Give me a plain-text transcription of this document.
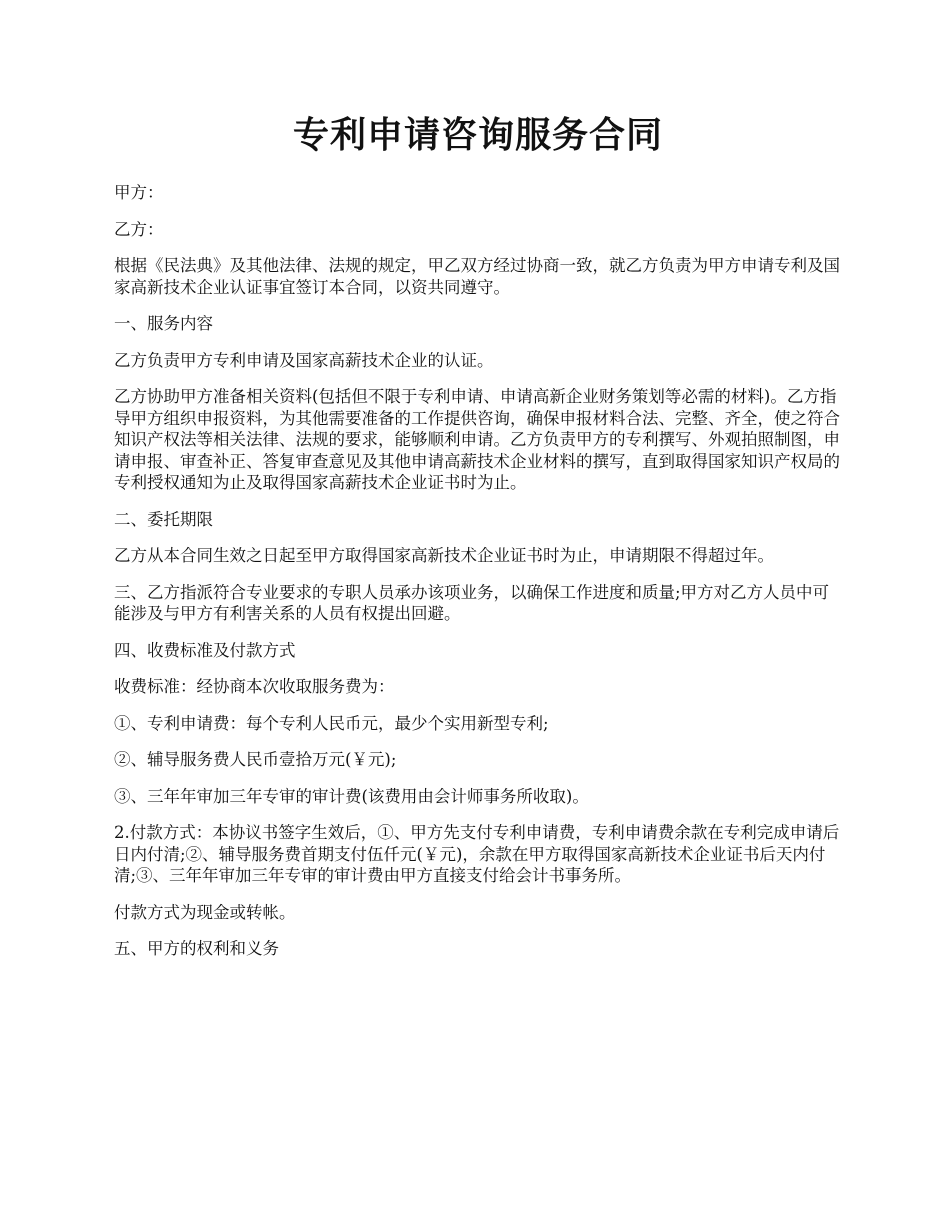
专利申请咨询服务合同

甲方：

乙方：

根据《民法典》及其他法律、法规的规定，甲乙双方经过协商一致，就乙方负责为甲方申请专利及国家高新技术企业认证事宜签订本合同，以资共同遵守。

一、服务内容

乙方负责甲方专利申请及国家高薪技术企业的认证。

乙方协助甲方准备相关资料(包括但不限于专利申请、申请高新企业财务策划等必需的材料)。乙方指导甲方组织申报资料，为其他需要准备的工作提供咨询，确保申报材料合法、完整、齐全，使之符合知识产权法等相关法律、法规的要求，能够顺利申请。乙方负责甲方的专利撰写、外观拍照制图，申请申报、审查补正、答复审查意见及其他申请高薪技术企业材料的撰写，直到取得国家知识产权局的专利授权通知为止及取得国家高薪技术企业证书时为止。

二、委托期限

乙方从本合同生效之日起至甲方取得国家高新技术企业证书时为止，申请期限不得超过年。

三、乙方指派符合专业要求的专职人员承办该项业务，以确保工作进度和质量;甲方对乙方人员中可能涉及与甲方有利害关系的人员有权提出回避。

四、收费标准及付款方式

收费标准：经协商本次收取服务费为：

①、专利申请费：每个专利人民币元，最少个实用新型专利;

②、辅导服务费人民币壹拾万元(￥元);

③、三年年审加三年专审的审计费(该费用由会计师事务所收取)。

2.付款方式：本协议书签字生效后，①、甲方先支付专利申请费，专利申请费余款在专利完成申请后日内付清;②、辅导服务费首期支付伍仟元(￥元)，余款在甲方取得国家高新技术企业证书后天内付清;③、三年年审加三年专审的审计费由甲方直接支付给会计书事务所。

付款方式为现金或转帐。

五、甲方的权利和义务
